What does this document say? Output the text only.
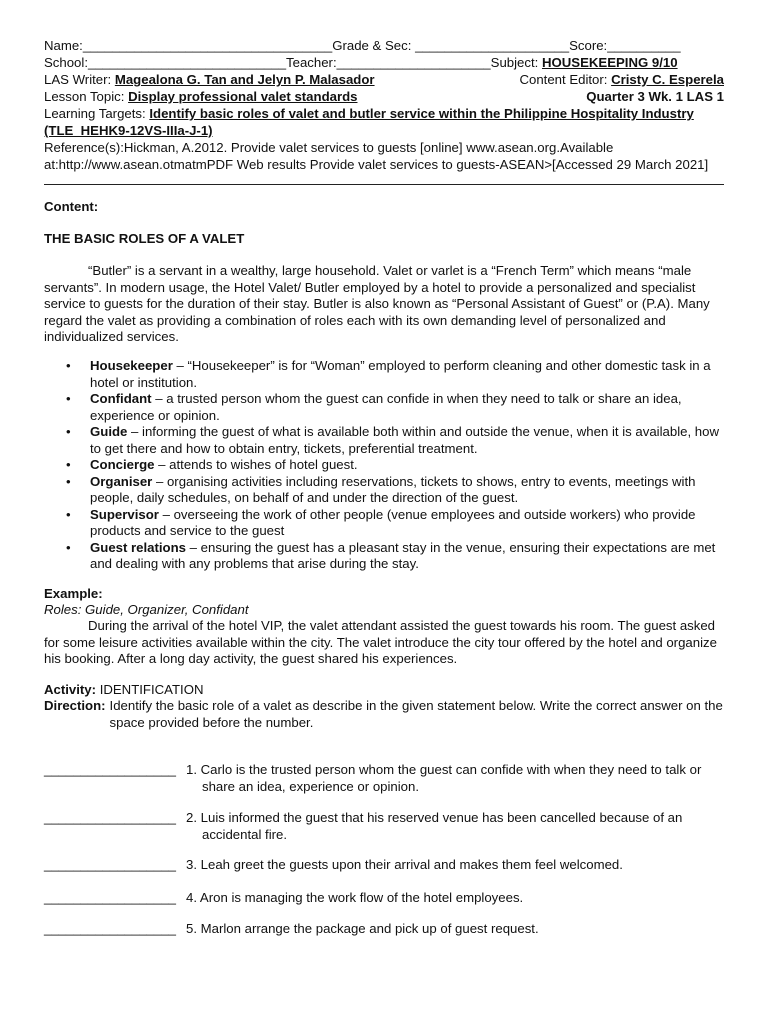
Name:__________________________________Grade & Sec: _____________________Score:__________
School:___________________________Teacher:_____________________Subject: HOUSEKEEPING 9/10
LAS Writer: Magealona G. Tan and Jelyn P. Malasador	Content Editor: Cristy C. Esperela
Lesson Topic: Display professional valet standards	Quarter 3 Wk. 1 LAS 1
Learning Targets: Identify basic roles of valet and butler service within the Philippine Hospitality Industry (TLE_HEHK9-12VS-IIIa-J-1)
Reference(s):Hickman, A.2012. Provide valet services to guests [online] www.asean.org.Available at:http://www.asean.otmatmPDF Web results Provide valet services to guests-ASEAN>[Accessed 29 March 2021]
Content:
THE BASIC ROLES OF A VALET
“Butler” is a servant in a wealthy, large household. Valet or varlet is a “French Term” which means “male servants”. In modern usage, the Hotel Valet/ Butler employed by a hotel to provide a personalized and specialist service to guests for the duration of their stay. Butler is also known as “Personal Assistant of Guest” or (P.A). Many regard the valet as providing a combination of roles each with its own demanding level of personalized and individualized services.
• Housekeeper – “Housekeeper” is for “Woman” employed to perform cleaning and other domestic task in a hotel or institution.
• Confidant – a trusted person whom the guest can confide in when they need to talk or share an idea, experience or opinion.
• Guide – informing the guest of what is available both within and outside the venue, when it is available, how to get there and how to obtain entry, tickets, preferential treatment.
• Concierge – attends to wishes of hotel guest.
• Organiser – organising activities including reservations, tickets to shows, entry to events, meetings with people, daily schedules, on behalf of and under the direction of the guest.
• Supervisor – overseeing the work of other people (venue employees and outside workers) who provide products and service to the guest
• Guest relations – ensuring the guest has a pleasant stay in the venue, ensuring their expectations are met and dealing with any problems that arise during the stay.
Example:
Roles: Guide, Organizer, Confidant
During the arrival of the hotel VIP, the valet attendant assisted the guest towards his room. The guest asked for some leisure activities available within the city. The valet introduce the city tour offered by the hotel and organize his booking. After a long day activity, the guest shared his experiences.
Activity: IDENTIFICATION
Direction: Identify the basic role of a valet as describe in the given statement below. Write the correct answer on the space provided before the number.
__________________ 1. Carlo is the trusted person whom the guest can confide with when they need to talk or share an idea, experience or opinion.
__________________ 2. Luis informed the guest that his reserved venue has been cancelled because of an accidental fire.
__________________ 3. Leah greet the guests upon their arrival and makes them feel welcomed.
__________________ 4. Aron is managing the work flow of the hotel employees.
__________________ 5. Marlon arrange the package and pick up of guest request.
